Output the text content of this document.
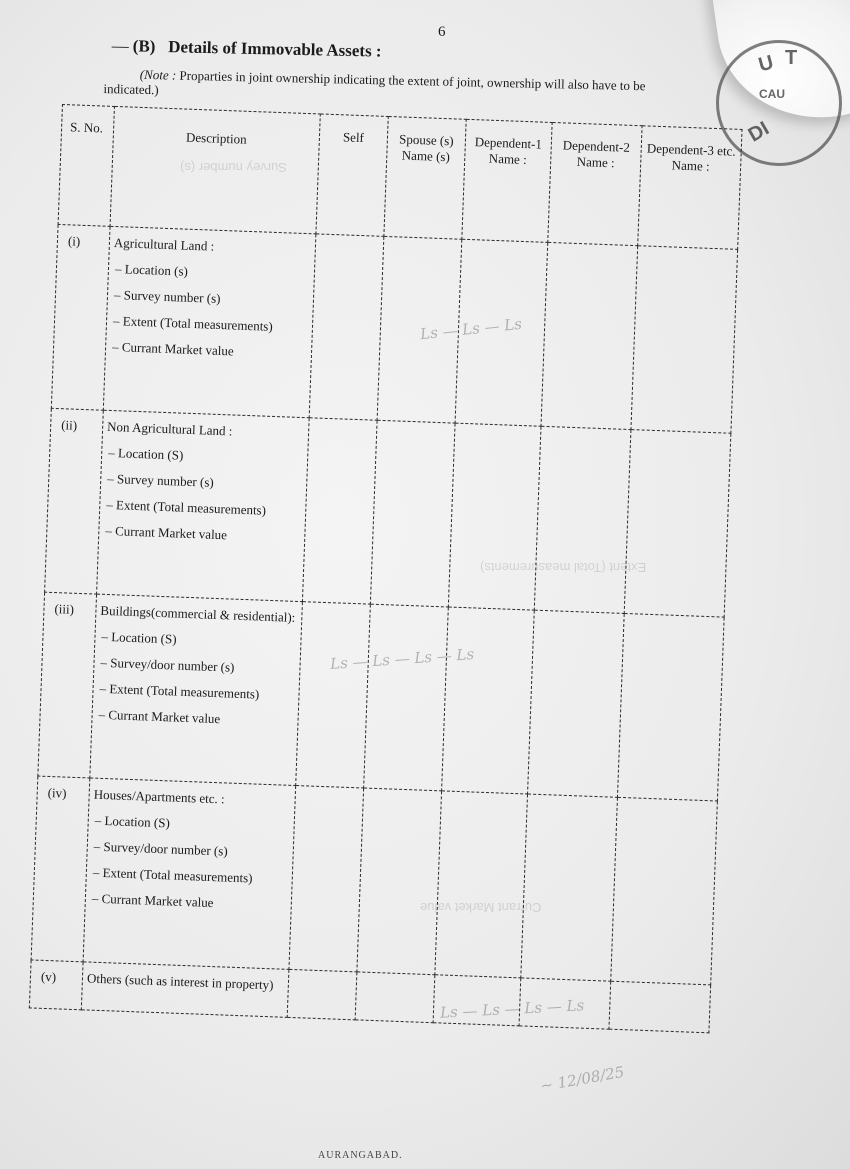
Survey number (s)
Extent (Total measurements)
Currant Market value
Ls — Ls — Ls
Ls — Ls — Ls — Ls
Ls — Ls — Ls — Ls
~ 12/08/25
U T
CAU
DI
6
— (B) Details of Immovable Assets :
(Note : Proparties in joint ownership indicating the extent of joint, ownership will also have to be
indicated.)
S. No.	Description	Self	Spouse (s) Name (s)	Dependent-1 Name :	Dependent-2 Name :	Dependent-3 etc. Name :
(i)	Agricultural Land :
– Location (s)
– Survey number (s)
– Extent (Total measurements)
– Currant Market value					

(ii)	Non Agricultural Land :
– Location (S)
– Survey number (s)
– Extent (Total measurements)
– Currant Market value					

(iii)	Buildings(commercial & residential):
– Location (S)
– Survey/door number (s)
– Extent (Total measurements)
– Currant Market value					

(iv)	Houses/Apartments etc. :
– Location (S)
– Survey/door number (s)
– Extent (Total measurements)
– Currant Market value					

(v)	Others (such as interest in property)					
AURANGABAD.
